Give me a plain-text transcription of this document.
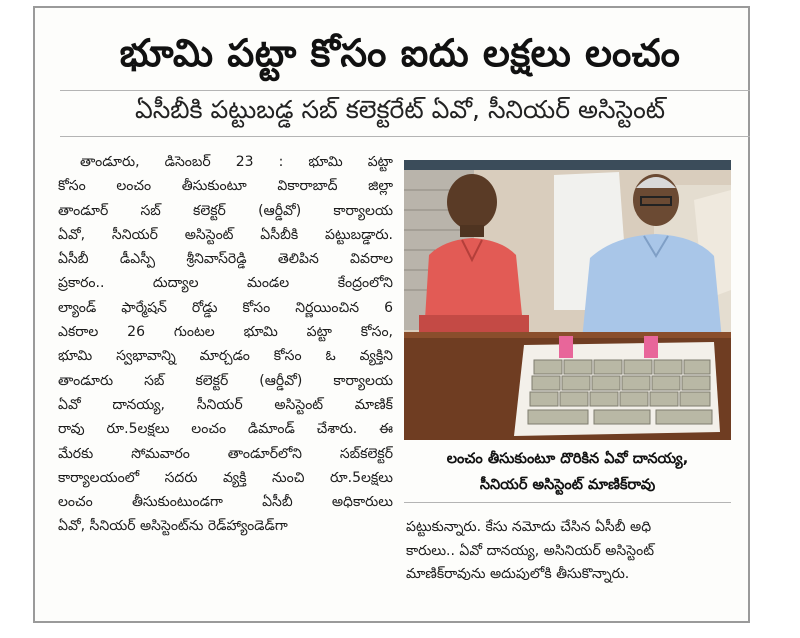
భూమి పట్టా కోసం ఐదు లక్షలు లంచం
ఏసీబీకి పట్టుబడ్డ సబ్‌ కలెక్టరేట్‌ ఏవో, సీనియర్‌ అసిస్టెంట్‌
తాండూరు, డిసెంబర్‌ 23 : భూమి పట్టా
కోసం లంచం తీసుకుంటూ వికారాబాద్‌ జిల్లా
తాండూర్‌ సబ్‌ కలెక్టర్‌ (ఆర్డీవో) కార్యాలయ
ఏవో, సీనియర్‌ అసిస్టెంట్‌ ఏసీబీకి పట్టుబడ్డారు.
ఏసీబీ డీఎస్పీ శ్రీనివాస్‌రెడ్డి తెలిపిన వివరాల
ప్రకారం.. దుద్యాల మండల కేంద్రంలోని
ల్యాండ్‌ ఫార్మేషన్‌ రోడ్డు కోసం నిర్ణయించిన 6
ఎకరాల 26 గుంటల భూమి పట్టా కోసం,
భూమి స్వభావాన్ని మార్చడం కోసం ఓ వ్యక్తిని
తాండూరు సబ్‌ కలెక్టర్‌ (ఆర్డీవో) కార్యాలయ
ఏవో దానయ్య, సీనియర్‌ అసిస్టెంట్‌ మాణిక్‌
రావు రూ.5లక్షలు లంచం డిమాండ్‌ చేశారు. ఈ
మేరకు సోమవారం తాండూర్‌లోని సబ్‌కలెక్టర్‌
కార్యాలయంలో సదరు వ్యక్తి నుంచి రూ.5లక్షలు
లంచం తీసుకుంటుండగా ఏసీబీ అధికారులు
ఏవో, సీనియర్‌ అసిస్టెంట్‌ను రెడ్‌హ్యాండెడ్‌గా
లంచం తీసుకుంటూ దొరికిన ఏవో దానయ్య,
సీనియర్‌ అసిస్టెంట్‌ మాణిక్‌రావు
పట్టుకున్నారు. కేసు నమోదు చేసిన ఏసీబీ అధి
కారులు.. ఏవో దానయ్య, అసినియర్‌ అసిస్టెంట్‌
మాణిక్‌రావును అదుపులోకి తీసుకొన్నారు.
